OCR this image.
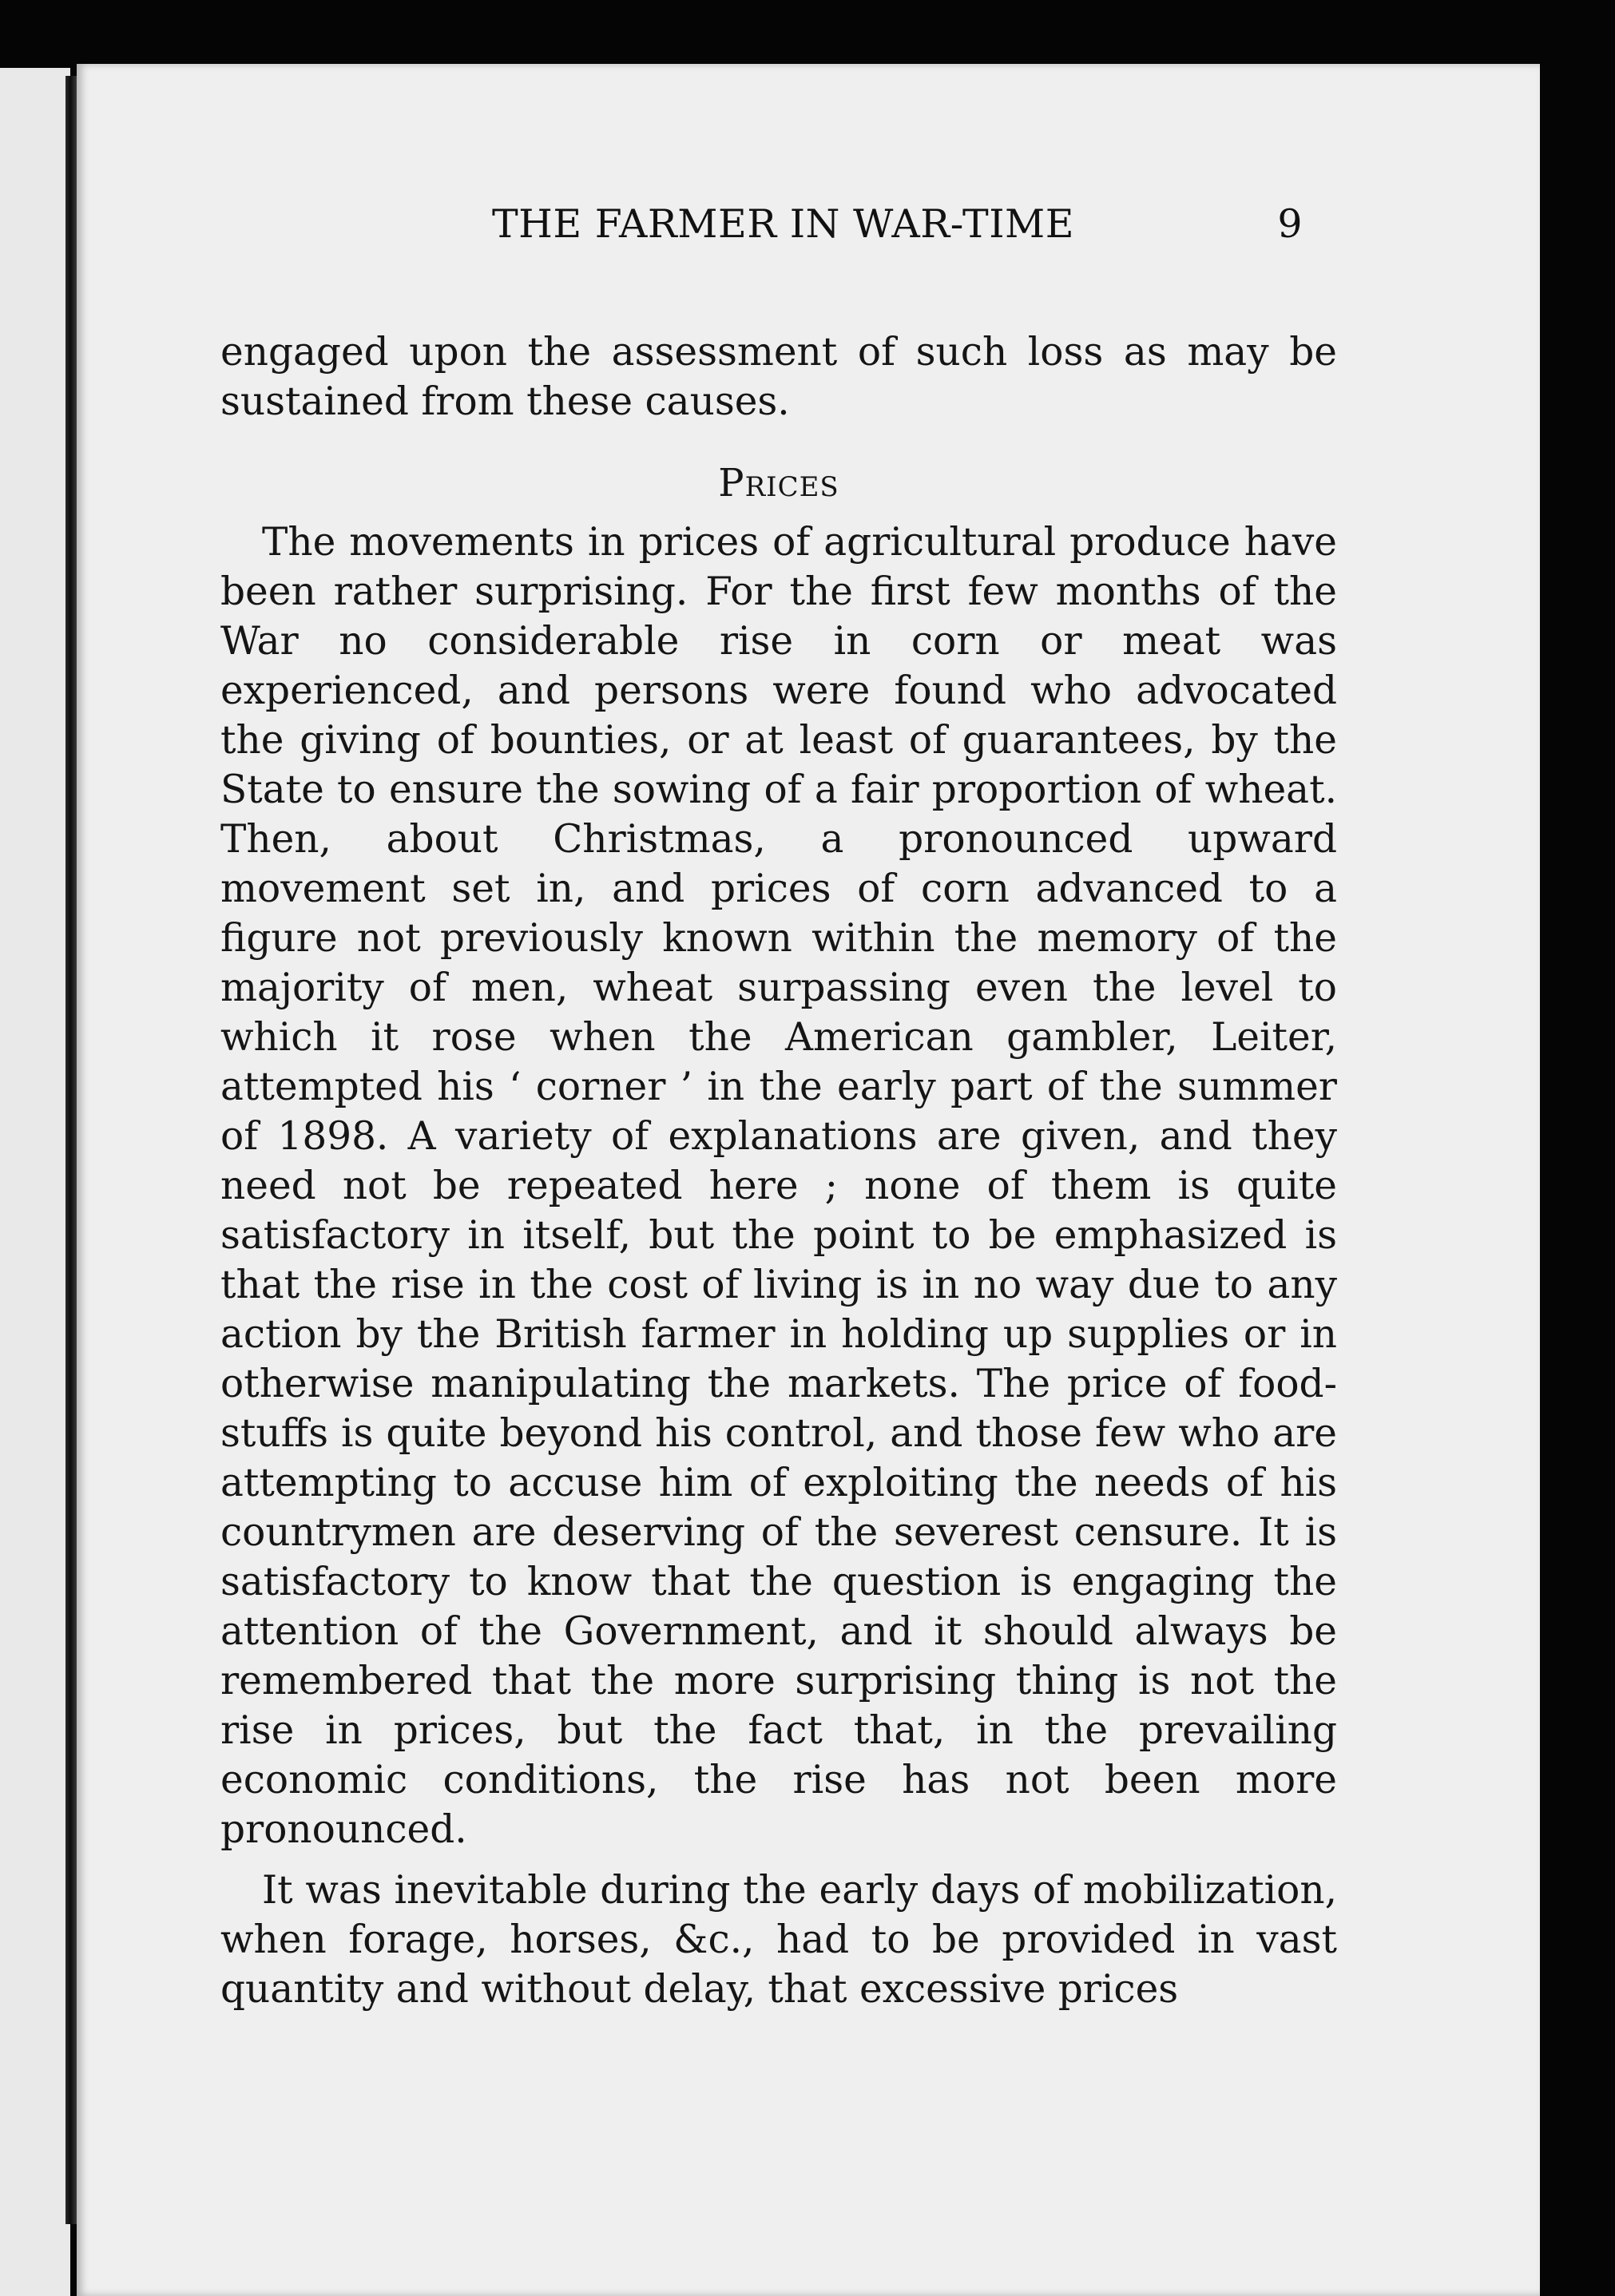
THE FARMER IN WAR-TIME	9

engaged upon the assessment of such loss as may be sustained from these causes.

Prices

The movements in prices of agricultural produce have been rather surprising. For the first few months of the War no considerable rise in corn or meat was experienced, and persons were found who advocated the giving of bounties, or at least of guarantees, by the State to ensure the sowing of a fair proportion of wheat. Then, about Christmas, a pronounced upward movement set in, and prices of corn advanced to a figure not previously known within the memory of the majority of men, wheat surpassing even the level to which it rose when the American gambler, Leiter, attempted his ‘ corner ’ in the early part of the summer of 1898. A variety of explanations are given, and they need not be repeated here ; none of them is quite satisfactory in itself, but the point to be emphasized is that the rise in the cost of living is in no way due to any action by the British farmer in holding up supplies or in otherwise manipulating the markets. The price of food-stuffs is quite beyond his control, and those few who are attempting to accuse him of exploiting the needs of his countrymen are deserving of the severest censure. It is satisfactory to know that the question is engaging the attention of the Government, and it should always be remembered that the more surprising thing is not the rise in prices, but the fact that, in the prevailing economic conditions, the rise has not been more pronounced.

It was inevitable during the early days of mobilization, when forage, horses, &c., had to be provided in vast quantity and without delay, that excessive prices
